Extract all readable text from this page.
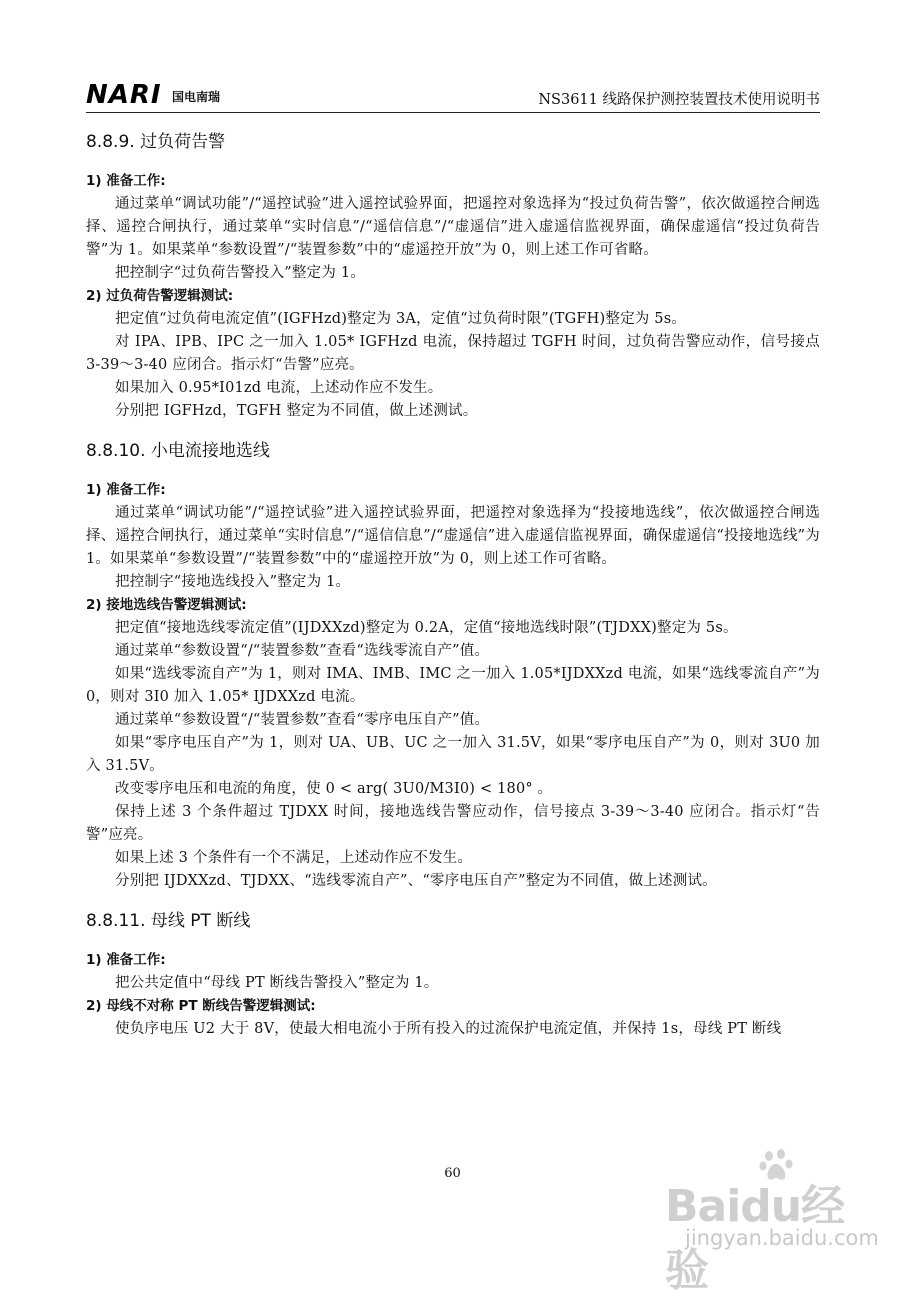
NARI 国电南瑞	NS3611 线路保护测控装置技术使用说明书
8.8.9. 过负荷告警
1) 准备工作:
通过菜单“调试功能”/“遥控试验”进入遥控试验界面，把遥控对象选择为“投过负荷告警”，依次做遥控合闸选择、遥控合闸执行，通过菜单“实时信息”/“遥信信息”/“虚遥信”进入虚遥信监视界面，确保虚遥信“投过负荷告警”为 1。如果菜单“参数设置”/“装置参数”中的“虚遥控开放”为 0，则上述工作可省略。
把控制字“过负荷告警投入”整定为 1。
2) 过负荷告警逻辑测试:
把定值“过负荷电流定值”(IGFHzd)整定为 3A，定值“过负荷时限”(TGFH)整定为 5s。
对 IPA、IPB、IPC 之一加入 1.05* IGFHzd 电流，保持超过 TGFH 时间，过负荷告警应动作，信号接点 3-39～3-40 应闭合。指示灯“告警”应亮。
如果加入 0.95*I01zd 电流，上述动作应不发生。
分别把 IGFHzd，TGFH 整定为不同值，做上述测试。
8.8.10. 小电流接地选线
1) 准备工作:
通过菜单“调试功能”/“遥控试验”进入遥控试验界面，把遥控对象选择为“投接地选线”，依次做遥控合闸选择、遥控合闸执行，通过菜单“实时信息”/“遥信信息”/“虚遥信”进入虚遥信监视界面，确保虚遥信“投接地选线”为 1。如果菜单“参数设置”/“装置参数”中的“虚遥控开放”为 0，则上述工作可省略。
把控制字“接地选线投入”整定为 1。
2) 接地选线告警逻辑测试:
把定值“接地选线零流定值”(IJDXXzd)整定为 0.2A，定值“接地选线时限”(TJDXX)整定为 5s。
通过菜单“参数设置“/“装置参数”查看“选线零流自产”值。
如果“选线零流自产”为 1，则对 IMA、IMB、IMC 之一加入 1.05*IJDXXzd 电流，如果“选线零流自产”为 0，则对 3I0 加入 1.05* IJDXXzd 电流。
通过菜单“参数设置“/“装置参数”查看“零序电压自产”值。
如果“零序电压自产”为 1，则对 UA、UB、UC 之一加入 31.5V，如果“零序电压自产”为 0，则对 3U0 加入 31.5V。
改变零序电压和电流的角度，使 0 < arg( 3U0/M3I0) < 180° 。
保持上述 3 个条件超过 TJDXX 时间，接地选线告警应动作，信号接点 3-39～3-40 应闭合。指示灯“告警”应亮。
如果上述 3 个条件有一个不满足，上述动作应不发生。
分别把 IJDXXzd、TJDXX、“选线零流自产”、“零序电压自产”整定为不同值，做上述测试。
8.8.11. 母线 PT 断线
1) 准备工作:
把公共定值中“母线 PT 断线告警投入”整定为 1。
2) 母线不对称 PT 断线告警逻辑测试:
使负序电压 U2 大于 8V，使最大相电流小于所有投入的过流保护电流定值，并保持 1s，母线 PT 断线
60
Baidu经验
jingyan.baidu.com
